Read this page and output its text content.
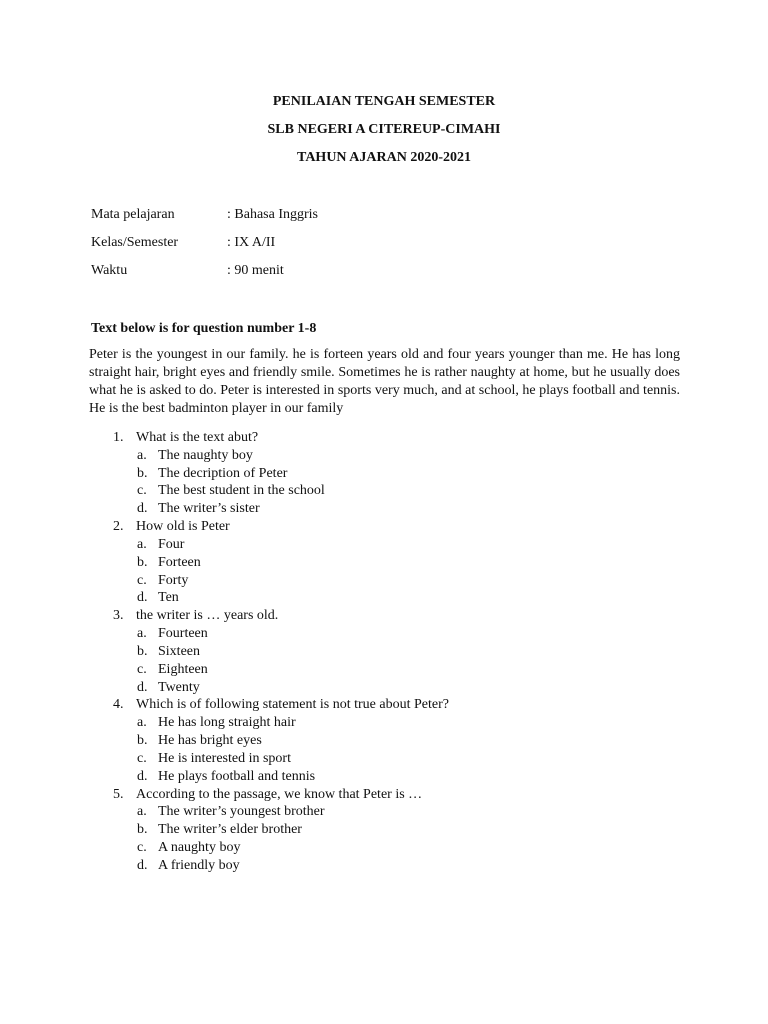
PENILAIAN TENGAH SEMESTER
SLB NEGERI A CITEREUP-CIMAHI
TAHUN AJARAN 2020-2021
Mata pelajaran	: Bahasa Inggris
Kelas/Semester	: IX A/II
Waktu	: 90 menit
Text below is for question number 1-8
Peter is the youngest in our family. he is forteen years old and four years younger than me. He has long straight hair, bright eyes and friendly smile. Sometimes he is rather naughty at home, but he usually does what he is asked to do. Peter is interested in sports very much, and at school, he plays football and tennis. He is the best badminton player in our family
1. What is the text abut?
a. The naughty boy
b. The decription of Peter
c. The best student in the school
d. The writer’s sister
2. How old is Peter
a. Four
b. Forteen
c. Forty
d. Ten
3. the writer is … years old.
a. Fourteen
b. Sixteen
c. Eighteen
d. Twenty
4. Which is of following statement is not true about Peter?
a. He has long straight hair
b. He has bright eyes
c. He is interested in sport
d. He plays football and tennis
5. According to the passage, we know that Peter is …
a. The writer’s youngest brother
b. The writer’s elder brother
c. A naughty boy
d. A friendly boy
